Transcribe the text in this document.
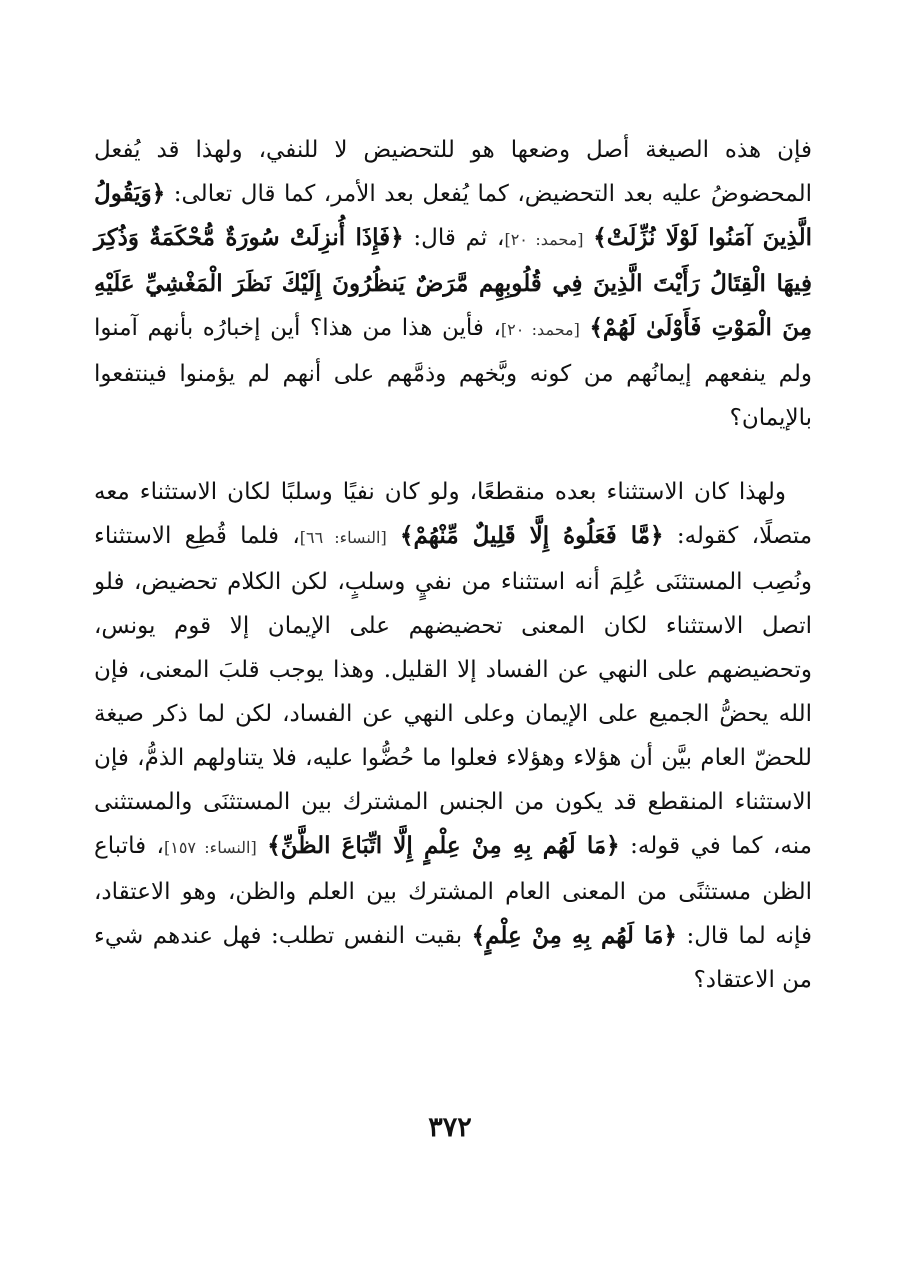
فإن هذه الصيغة أصل وضعها هو للتحضيض لا للنفي، ولهذا قد يُفعل المحضوضُ عليه بعد التحضيض، كما يُفعل بعد الأمر، كما قال تعالى: ﴿وَيَقُولُ الَّذِينَ آمَنُوا لَوْلَا نُزِّلَتْ﴾ [محمد: ٢٠]، ثم قال: ﴿فَإِذَا أُنزِلَتْ سُورَةٌ مُّحْكَمَةٌ وَذُكِرَ فِيهَا الْقِتَالُ رَأَيْتَ الَّذِينَ فِي قُلُوبِهِم مَّرَضٌ يَنظُرُونَ إِلَيْكَ نَظَرَ الْمَغْشِيِّ عَلَيْهِ مِنَ الْمَوْتِ فَأَوْلَىٰ لَهُمْ﴾ [محمد: ٢٠]، فأين هذا من هذا؟ أين إخبارُه بأنهم آمنوا ولم ينفعهم إيمانُهم من كونه وبَّخهم وذمَّهم على أنهم لم يؤمنوا فينتفعوا بالإيمان؟

ولهذا كان الاستثناء بعده منقطعًا، ولو كان نفيًا وسلبًا لكان الاستثناء معه متصلًا، كقوله: ﴿مَّا فَعَلُوهُ إِلَّا قَلِيلٌ مِّنْهُمْ﴾ [النساء: ٦٦]، فلما قُطِع الاستثناء ونُصِب المستثنَى عُلِمَ أنه استثناء من نفيٍ وسلبٍ، لكن الكلام تحضيض، فلو اتصل الاستثناء لكان المعنى تحضيضهم على الإيمان إلا قوم يونس، وتحضيضهم على النهي عن الفساد إلا القليل. وهذا يوجب قلبَ المعنى، فإن الله يحضُّ الجميع على الإيمان وعلى النهي عن الفساد، لكن لما ذكر صيغة للحضّ العام بيَّن أن هؤلاء وهؤلاء فعلوا ما حُضُّوا عليه، فلا يتناولهم الذمُّ، فإن الاستثناء المنقطع قد يكون من الجنس المشترك بين المستثنَى والمستثنى منه، كما في قوله: ﴿مَا لَهُم بِهِ مِنْ عِلْمٍ إِلَّا اتِّبَاعَ الظَّنِّ﴾ [النساء: ١٥٧]، فاتباع الظن مستثنًى من المعنى العام المشترك بين العلم والظن، وهو الاعتقاد، فإنه لما قال: ﴿مَا لَهُم بِهِ مِنْ عِلْمٍ﴾ بقيت النفس تطلب: فهل عندهم شيء من الاعتقاد؟

٣٧٢
